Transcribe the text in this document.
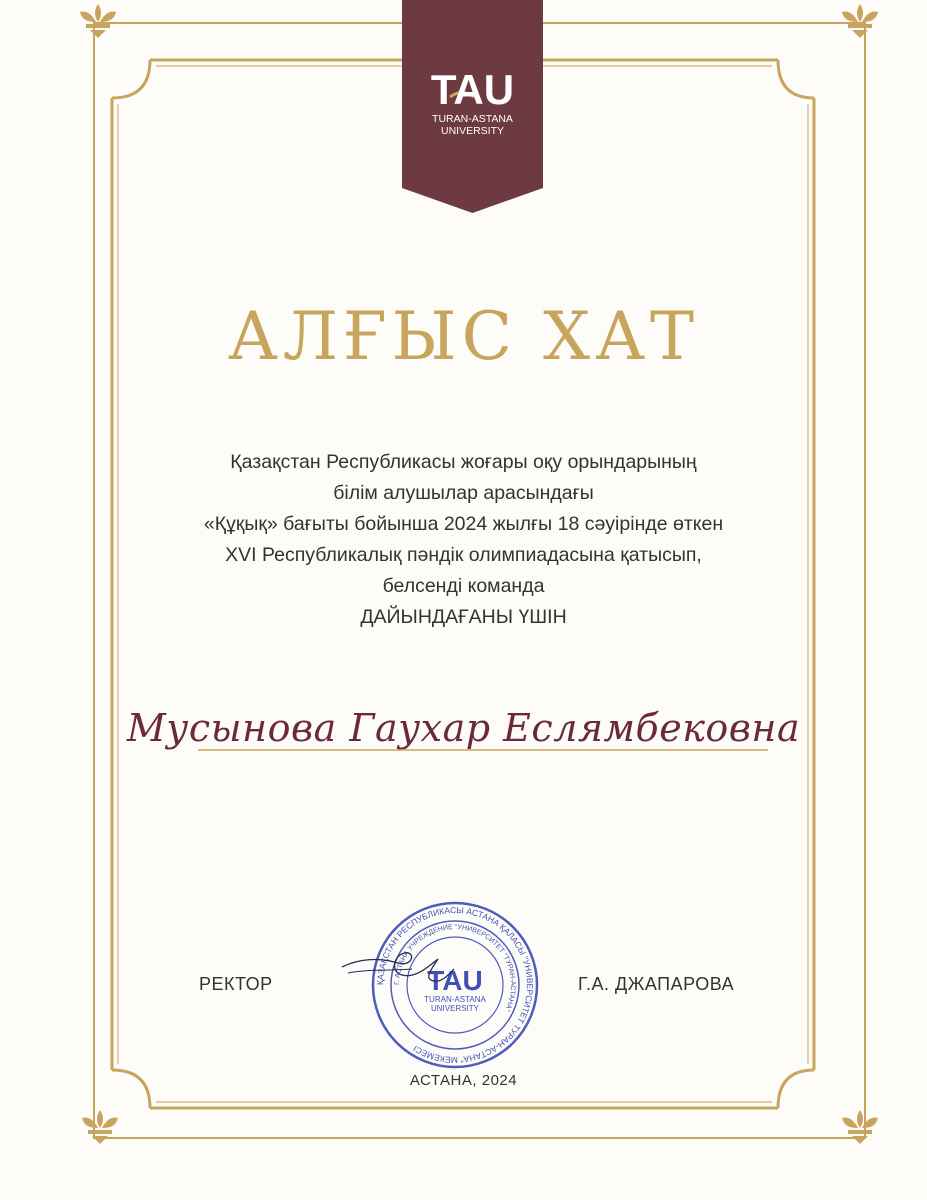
TAU
TURAN-ASTANA
UNIVERSITY
АЛҒЫС ХАТ
Қазақстан Республикасы жоғары оқу орындарының
білім алушылар арасындағы
«Құқық» бағыты бойынша 2024 жылғы 18 сәуірінде өткен
XVI Республикалық пәндік олимпиадасына қатысып,
белсенді команда
ДАЙЫНДАҒАНЫ ҮШІН
Мусынова Гаухар Еслямбековна
ҚАЗАҚСТАН РЕСПУБЛИКАСЫ АСТАНА ҚАЛАСЫ "УНИВЕРСИТЕТ ТУРАН-АСТАНА" МЕКЕМЕСІ
Г. АСТАНА УЧРЕЖДЕНИЕ "УНИВЕРСИТЕТ "ТУРАН-АСТАНА"
TAU
TURAN-ASTANA
UNIVERSITY
РЕКТОР	Г.А. ДЖАПАРОВА
АСТАНА, 2024
